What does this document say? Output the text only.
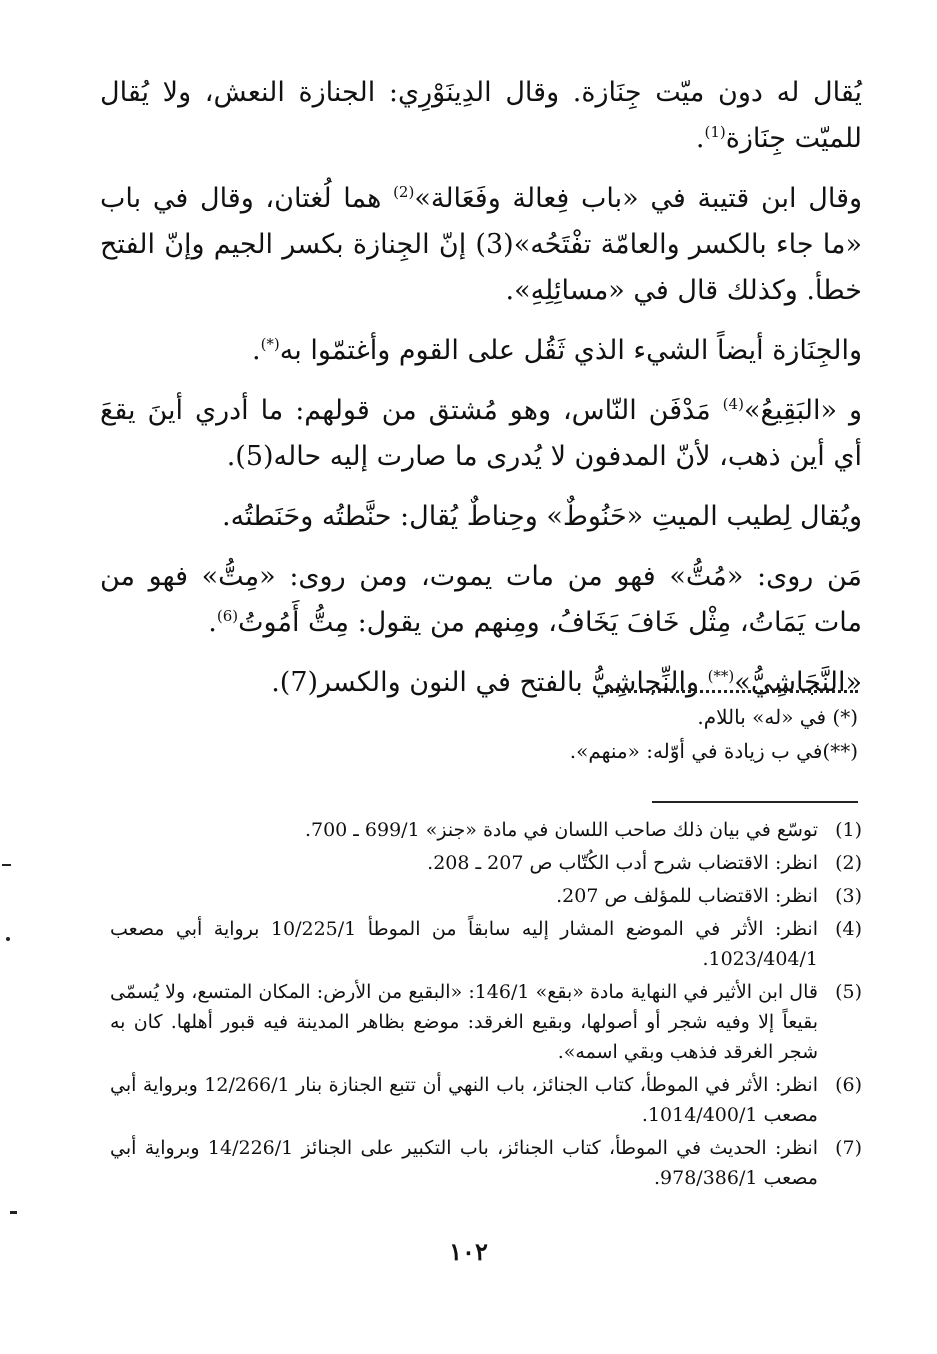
يُقال له دون ميّت جِنَازة. وقال الدِينَوْرِي: الجنازة النعش، ولا يُقال للميّت جِنَازة$^{(1)}$.

وقال ابن قتيبة في «باب فِعالة وفَعَالة»$^{(2)}$ هما لُغتان، وقال في باب «ما جاء بالكسر والعامّة تفْتَحُه»(3) إنّ الجِنازة بكسر الجيم وإنّ الفتح خطأ. وكذلك قال في «مسائِلِهِ».

والجِنَازة أيضاً الشيء الذي ثَقُل على القوم وأغتمّوا به(*).

و «البَقِيعُ»$^{(4)}$ مَدْفَن النّاس، وهو مُشتق من قولهم: ما أدري أينَ يقعَ أي أين ذهب، لأنّ المدفون لا يُدرى ما صارت إليه حاله(5).

ويُقال لِطيب الميتِ «حَنُوطٌ» وحِناطٌ يُقال: حنَّطتُه وحَنَطتُه.

مَن روى: «مُتُّ» فهو من مات يموت، ومن روى: «مِتُّ» فهو من مات يَمَاتُ، مِثْل خَافَ يَخَافُ، ومِنهم من يقول: مِتُّ أَمُوتُ$^{(6)}$.

«النَّجَاشِيُّ»(**) والنِّجاشِيُّ بالفتح في النون والكسر(7).

(*) في «له» باللام.
(**)في ب زيادة في أوّله: «منهم».
(1)
توسّع في بيان ذلك صاحب اللسان في مادة «جنز» 699/1 ـ 700.
(2)
انظر: الاقتضاب شرح أدب الكُتّاب ص 207 ـ 208.
(3)
انظر: الاقتضاب للمؤلف ص 207.
(4)
انظر: الأثر في الموضع المشار إليه سابقاً من الموطأ 10/225/1 برواية أبي مصعب 1023/404/1.
(5)
قال ابن الأثير في النهاية مادة «بقع» 146/1: «البقيع من الأرض: المكان المتسع، ولا يُسمّى بقيعاً إلا وفيه شجر أو أصولها، وبقيع الغرقد: موضع بظاهر المدينة فيه قبور أهلها. كان به شجر الغرقد فذهب وبقي اسمه».
(6)
انظر: الأثر في الموطأ، كتاب الجنائز، باب النهي أن تتبع الجنازة بنار 12/266/1 وبرواية أبي مصعب 1014/400/1.
(7)
انظر: الحديث في الموطأ، كتاب الجنائز، باب التكبير على الجنائز 14/226/1 وبرواية أبي مصعب 978/386/1.
١٠٢
